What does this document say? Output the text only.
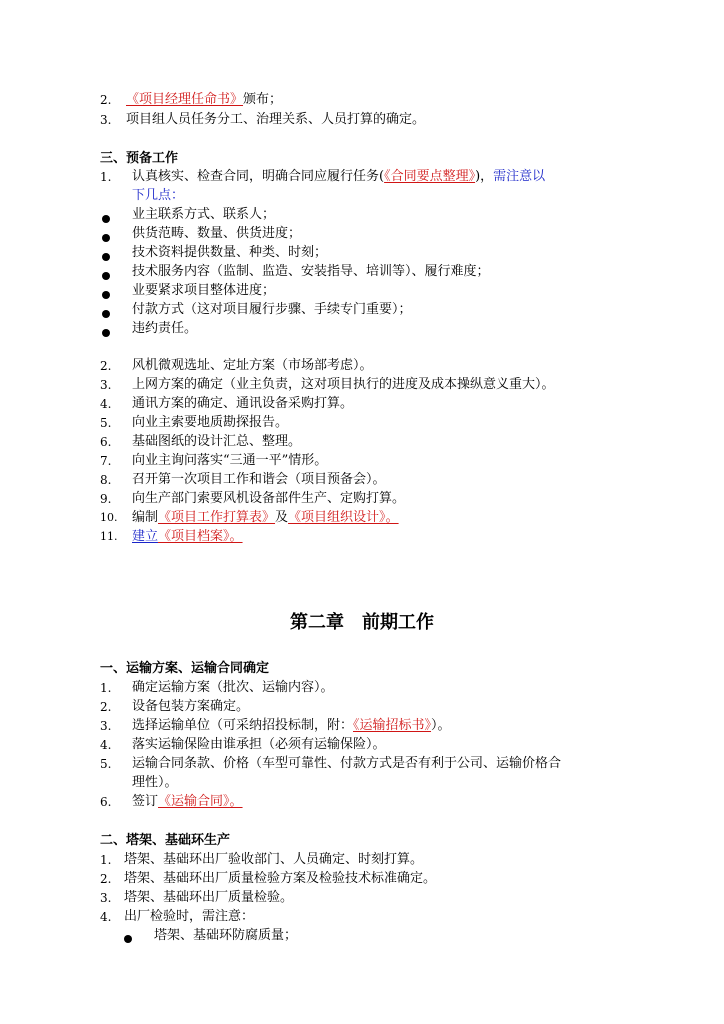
2. 《项目经理任命书》颁布；
3. 项目组人员任务分工、治理关系、人员打算的确定。
三、预备工作
1. 认真核实、检查合同，明确合同应履行任务(《合同要点整理》)，需注意以
下几点：
业主联系方式、联系人；
供货范畴、数量、供货进度；
技术资料提供数量、种类、时刻；
技术服务内容（监制、监造、安装指导、培训等）、履行难度；
业要紧求项目整体进度；
付款方式（这对项目履行步骤、手续专门重要）；
违约责任。
2. 风机微观选址、定址方案（市场部考虑）。
3. 上网方案的确定（业主负责，这对项目执行的进度及成本操纵意义重大）。
4. 通讯方案的确定、通讯设备采购打算。
5. 向业主索要地质勘探报告。
6. 基础图纸的设计汇总、整理。
7. 向业主询问落实“三通一平”情形。
8. 召开第一次项目工作和谐会（项目预备会）。
9. 向生产部门索要风机设备部件生产、定购打算。
10. 编制《项目工作打算表》及《项目组织设计》。
11. 建立《项目档案》。
第二章　前期工作
一、运输方案、运输合同确定
1. 确定运输方案（批次、运输内容）。
2. 设备包装方案确定。
3. 选择运输单位（可采纳招投标制，附：《运输招标书》）。
4. 落实运输保险由谁承担（必须有运输保险）。
5. 运输合同条款、价格（车型可靠性、付款方式是否有利于公司、运输价格合
理性）。
6. 签订《运输合同》。
二、塔架、基础环生产
1. 塔架、基础环出厂验收部门、人员确定、时刻打算。
2. 塔架、基础环出厂质量检验方案及检验技术标准确定。
3. 塔架、基础环出厂质量检验。
4. 出厂检验时，需注意：
塔架、基础环防腐质量；
